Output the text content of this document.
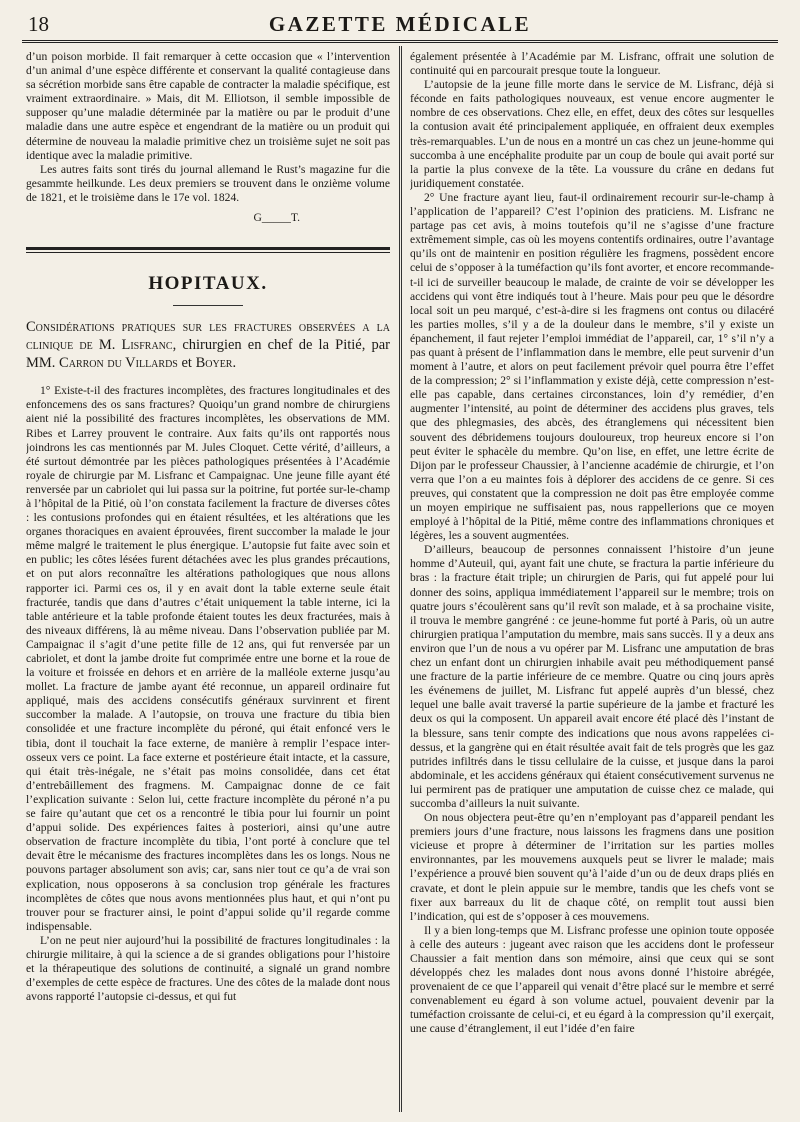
18	GAZETTE MÉDICALE

d’un poison morbide. Il fait remarquer à cette occasion que « l’intervention d’un animal d’une espèce différente et conservant la qualité contagieuse dans sa sécrétion morbide sans être capable de contracter la maladie spécifique, est vraiment extraordinaire. » Mais, dit M. Elliotson, il semble impossible de supposer qu’une maladie déterminée par la matière ou par le produit d’une maladie dans une autre espèce et engendrant de la matière ou un produit qui détermine de nouveau la maladie primitive chez un troisième sujet ne soit pas identique avec la maladie primitive.

Les autres faits sont tirés du journal allemand le Rust’s magazine fur die gesammte heilkunde. Les deux premiers se trouvent dans le onzième volume de 1821, et le troisième dans le 17e vol. 1824.

G_____T.
HOPITAUX.
Considérations pratiques sur les fractures observées a la clinique de M. Lisfranc, chirurgien en chef de la Pitié, par MM. Carron du Villards et Boyer.

1° Existe-t-il des fractures incomplètes, des fractures longitudinales et des enfoncemens des os sans fractures? Quoiqu’un grand nombre de chirurgiens aient nié la possibilité des fractures incomplètes, les observations de MM. Ribes et Larrey prouvent le contraire. Aux faits qu’ils ont rapportés nous joindrons les cas mentionnés par M. Jules Cloquet. Cette vérité, d’ailleurs, a été surtout démontrée par les pièces pathologiques présentées à l’Académie royale de chirurgie par M. Lisfranc et Campaignac. Une jeune fille ayant été renversée par un cabriolet qui lui passa sur la poitrine, fut portée sur-le-champ à l’hôpital de la Pitié, où l’on constata facilement la fracture de diverses côtes : les contusions profondes qui en étaient résultées, et les altérations que les organes thoraciques en avaient éprouvées, firent succomber la malade le jour même malgré le traitement le plus énergique. L’autopsie fut faite avec soin et en public; les côtes lésées furent détachées avec les plus grandes précautions, et on put alors reconnaître les altérations pathologiques que nous allons rapporter ici. Parmi ces os, il y en avait dont la table externe seule était fracturée, tandis que dans d’autres c’était uniquement la table interne, ici la table antérieure et la table profonde étaient toutes les deux fracturées, mais à des niveaux différens, là au même niveau. Dans l’observation publiée par M. Campaignac il s’agit d’une petite fille de 12 ans, qui fut renversée par un cabriolet, et dont la jambe droite fut comprimée entre une borne et la roue de la voiture et froissée en dehors et en arrière de la malléole externe jusqu’au mollet. La fracture de jambe ayant été reconnue, un appareil ordinaire fut appliqué, mais des accidens consécutifs généraux survinrent et firent succomber la malade. A l’autopsie, on trouva une fracture du tibia bien consolidée et une fracture incomplète du péroné, qui était enfoncé vers le tibia, dont il touchait la face externe, de manière à remplir l’espace inter-osseux vers ce point. La face externe et postérieure était intacte, et la cassure, qui était très-inégale, ne s’était pas moins consolidée, dans cet état d’entrebâillement des fragmens. M. Campaignac donne de ce fait l’explication suivante : Selon lui, cette fracture incomplète du péroné n’a pu se faire qu’autant que cet os a rencontré le tibia pour lui fournir un point d’appui solide. Des expériences faites à posteriori, ainsi qu’une autre observation de fracture incomplète du tibia, l’ont porté à conclure que tel devait être le mécanisme des fractures incomplètes dans les os longs. Nous ne pouvons partager absolument son avis; car, sans nier tout ce qu’a de vrai son explication, nous opposerons à sa conclusion trop générale les fractures incomplètes de côtes que nous avons mentionnées plus haut, et qui n’ont pu trouver pour se fracturer ainsi, le point d’appui solide qu’il regarde comme indispensable.

L’on ne peut nier aujourd’hui la possibilité de fractures longitudinales : la chirurgie militaire, à qui la science a de si grandes obligations pour l’histoire et la thérapeutique des solutions de continuité, a signalé un grand nombre d’exemples de cette espèce de fractures. Une des côtes de la malade dont nous avons rapporté l’autopsie ci-dessus, et qui fut

également présentée à l’Académie par M. Lisfranc, offrait une solution de continuité qui en parcourait presque toute la longueur.

L’autopsie de la jeune fille morte dans le service de M. Lisfranc, déjà si féconde en faits pathologiques nouveaux, est venue encore augmenter le nombre de ces observations. Chez elle, en effet, deux des côtes sur lesquelles la contusion avait été principalement appliquée, en offraient deux exemples très-remarquables. L’un de nous en a montré un cas chez un jeune-homme qui succomba à une encéphalite produite par un coup de boule qui avait porté sur la partie la plus convexe de la tête. La voussure du crâne en dedans fut juridiquement constatée.

2° Une fracture ayant lieu, faut-il ordinairement recourir sur-le-champ à l’application de l’appareil? C’est l’opinion des praticiens. M. Lisfranc ne partage pas cet avis, à moins toutefois qu’il ne s’agisse d’une fracture extrêmement simple, cas où les moyens contentifs ordinaires, outre l’avantage qu’ils ont de maintenir en position régulière les fragmens, possèdent encore celui de s’opposer à la tuméfaction qu’ils font avorter, et encore recommande-t-il ici de surveiller beaucoup le malade, de crainte de voir se développer les accidens qui vont être indiqués tout à l’heure. Mais pour peu que le désordre local soit un peu marqué, c’est-à-dire si les fragmens ont contus ou dilacéré les parties molles, s’il y a de la douleur dans le membre, s’il y existe un épanchement, il faut rejeter l’emploi immédiat de l’appareil, car, 1° s’il n’y a pas quant à présent de l’inflammation dans le membre, elle peut survenir d’un moment à l’autre, et alors on peut facilement prévoir quel pourra être l’effet de la compression; 2° si l’inflammation y existe déjà, cette compression n’est-elle pas capable, dans certaines circonstances, loin d’y remédier, d’en augmenter l’intensité, au point de déterminer des accidens plus graves, tels que des phlegmasies, des abcès, des étranglemens qui nécessitent bien souvent des débridemens toujours douloureux, trop heureux encore si l’on peut éviter le sphacèle du membre. Qu’on lise, en effet, une lettre écrite de Dijon par le professeur Chaussier, à l’ancienne académie de chirurgie, et l’on verra que l’on a eu maintes fois à déplorer des accidens de ce genre. Si ces preuves, qui constatent que la compression ne doit pas être employée comme un moyen empirique ne suffisaient pas, nous rappellerions que ce moyen employé à l’hôpital de la Pitié, même contre des inflammations chroniques et légères, les a souvent augmentées.

D’ailleurs, beaucoup de personnes connaissent l’histoire d’un jeune homme d’Auteuil, qui, ayant fait une chute, se fractura la partie inférieure du bras : la fracture était triple; un chirurgien de Paris, qui fut appelé pour lui donner des soins, appliqua immédiatement l’appareil sur le membre; trois on quatre jours s’écoulèrent sans qu’il revît son malade, et à sa prochaine visite, il trouva le membre gangréné : ce jeune-homme fut porté à Paris, où un autre chirurgien pratiqua l’amputation du membre, mais sans succès. Il y a deux ans environ que l’un de nous a vu opérer par M. Lisfranc une amputation de bras chez un enfant dont un chirurgien inhabile avait peu méthodiquement pansé une fracture de la partie inférieure de ce membre. Quatre ou cinq jours après les événemens de juillet, M. Lisfranc fut appelé auprès d’un blessé, chez lequel une balle avait traversé la partie supérieure de la jambe et fracturé les deux os qui la composent. Un appareil avait encore été placé dès l’instant de la blessure, sans tenir compte des indications que nous avons rappelées ci-dessus, et la gangrène qui en était résultée avait fait de tels progrès que les gaz putrides infiltrés dans le tissu cellulaire de la cuisse, et jusque dans la paroi abdominale, et les accidens généraux qui étaient consécutivement survenus ne lui permirent pas de pratiquer une amputation de cuisse chez ce malade, qui succomba d’ailleurs la nuit suivante.

On nous objectera peut-être qu’en n’employant pas d’appareil pendant les premiers jours d’une fracture, nous laissons les fragmens dans une position vicieuse et propre à déterminer de l’irritation sur les parties molles environnantes, par les mouvemens auxquels peut se livrer le malade; mais l’expérience a prouvé bien souvent qu’à l’aide d’un ou de deux draps pliés en cravate, et dont le plein appuie sur le membre, tandis que les chefs vont se fixer aux barreaux du lit de chaque côté, on remplit tout aussi bien l’indication, qui est de s’opposer à ces mouvemens.

Il y a bien long-temps que M. Lisfranc professe une opinion toute opposée à celle des auteurs : jugeant avec raison que les accidens dont le professeur Chaussier a fait mention dans son mémoire, ainsi que ceux qui se sont développés chez les malades dont nous avons donné l’histoire abrégée, provenaient de ce que l’appareil qui venait d’être placé sur le membre et serré convenablement eu égard à son volume actuel, pouvaient devenir par la tuméfaction croissante de celui-ci, et eu égard à la compression qu’il exerçait, une cause d’étranglement, il eut l’idée d’en faire
